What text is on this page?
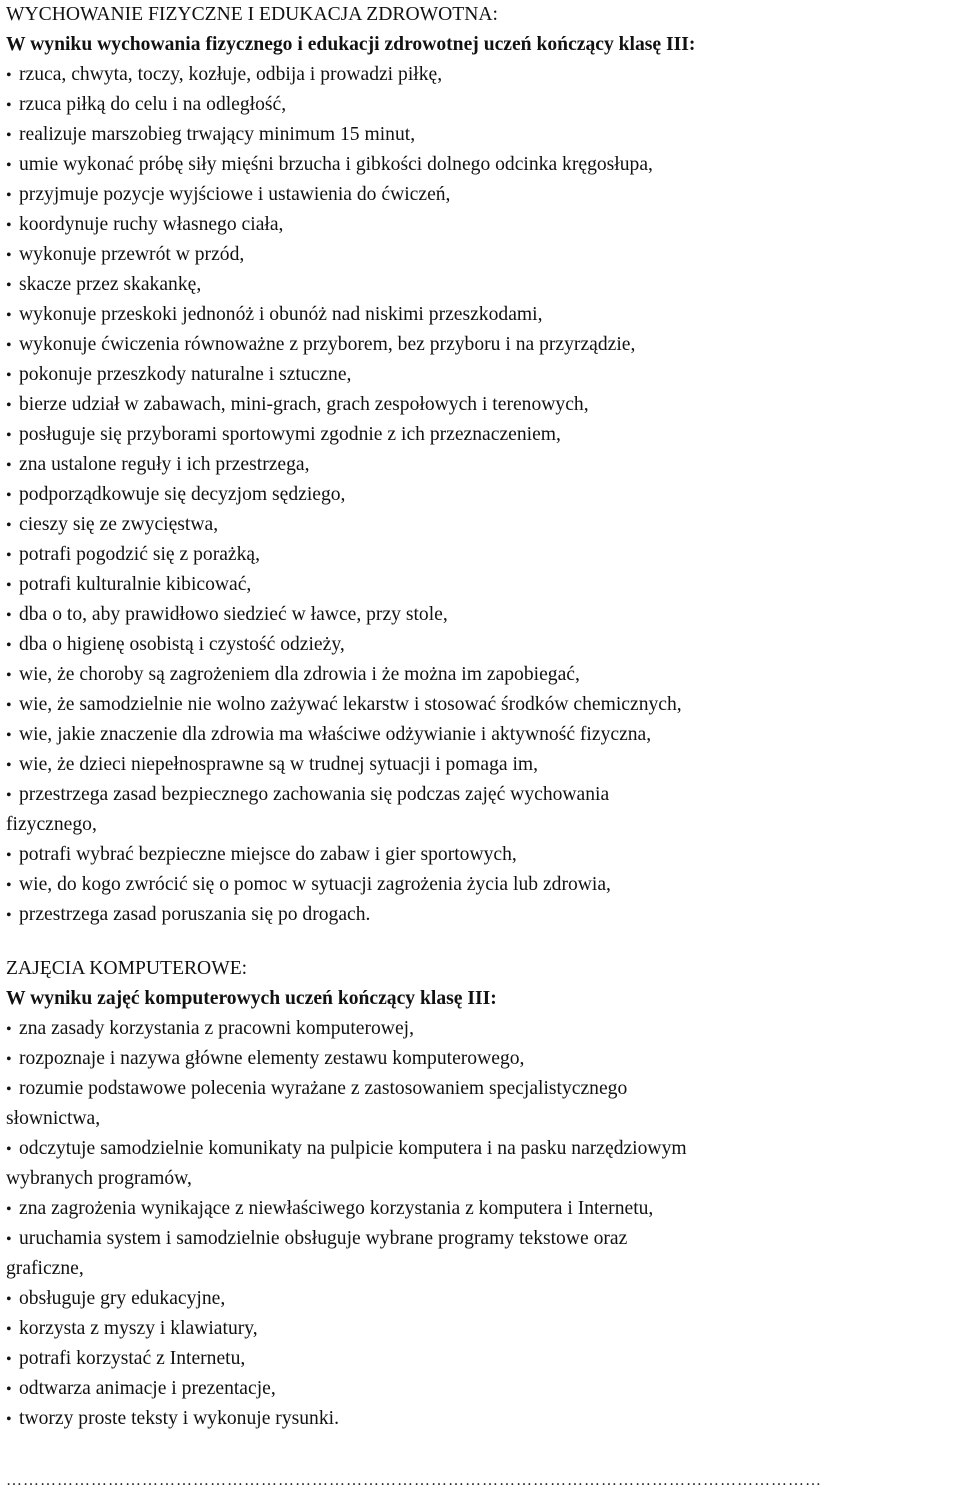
WYCHOWANIE FIZYCZNE I EDUKACJA ZDROWOTNA:
W wyniku wychowania fizycznego i edukacji zdrowotnej uczeń kończący klasę III:
• rzuca, chwyta, toczy, kozłuje, odbija i prowadzi piłkę,
• rzuca piłką do celu i na odległość,
• realizuje marszobieg trwający minimum 15 minut,
• umie wykonać próbę siły mięśni brzucha i gibkości dolnego odcinka kręgosłupa,
• przyjmuje pozycje wyjściowe i ustawienia do ćwiczeń,
• koordynuje ruchy własnego ciała,
• wykonuje przewrót w przód,
• skacze przez skakankę,
• wykonuje przeskoki jednonóż i obunóż nad niskimi przeszkodami,
• wykonuje ćwiczenia równoważne z przyborem, bez przyboru i na przyrządzie,
• pokonuje przeszkody naturalne i sztuczne,
• bierze udział w zabawach, mini-grach, grach zespołowych i terenowych,
• posługuje się przyborami sportowymi zgodnie z ich przeznaczeniem,
• zna ustalone reguły i ich przestrzega,
• podporządkowuje się decyzjom sędziego,
• cieszy się ze zwycięstwa,
• potrafi pogodzić się z porażką,
• potrafi kulturalnie kibicować,
• dba o to, aby prawidłowo siedzieć w ławce, przy stole,
• dba o higienę osobistą i czystość odzieży,
• wie, że choroby są zagrożeniem dla zdrowia i że można im zapobiegać,
• wie, że samodzielnie nie wolno zażywać lekarstw i stosować środków chemicznych,
• wie, jakie znaczenie dla zdrowia ma właściwe odżywianie i aktywność fizyczna,
• wie, że dzieci niepełnosprawne są w trudnej sytuacji i pomaga im,
• przestrzega zasad bezpiecznego zachowania się podczas zajęć wychowania
fizycznego,
• potrafi wybrać bezpieczne miejsce do zabaw i gier sportowych,
• wie, do kogo zwrócić się o pomoc w sytuacji zagrożenia życia lub zdrowia,
• przestrzega zasad poruszania się po drogach.
ZAJĘCIA KOMPUTEROWE:
W wyniku zajęć komputerowych uczeń kończący klasę III:
• zna zasady korzystania z pracowni komputerowej,
• rozpoznaje i nazywa główne elementy zestawu komputerowego,
• rozumie podstawowe polecenia wyrażane z zastosowaniem specjalistycznego
słownictwa,
• odczytuje samodzielnie komunikaty na pulpicie komputera i na pasku narzędziowym
wybranych programów,
• zna zagrożenia wynikające z niewłaściwego korzystania z komputera i Internetu,
• uruchamia system i samodzielnie obsługuje wybrane programy tekstowe oraz
graficzne,
• obsługuje gry edukacyjne,
• korzysta z myszy i klawiatury,
• potrafi korzystać z Internetu,
• odtwarza animacje i prezentacje,
• tworzy proste teksty i wykonuje rysunki.
………………………………………………………………………………………………………………………………
